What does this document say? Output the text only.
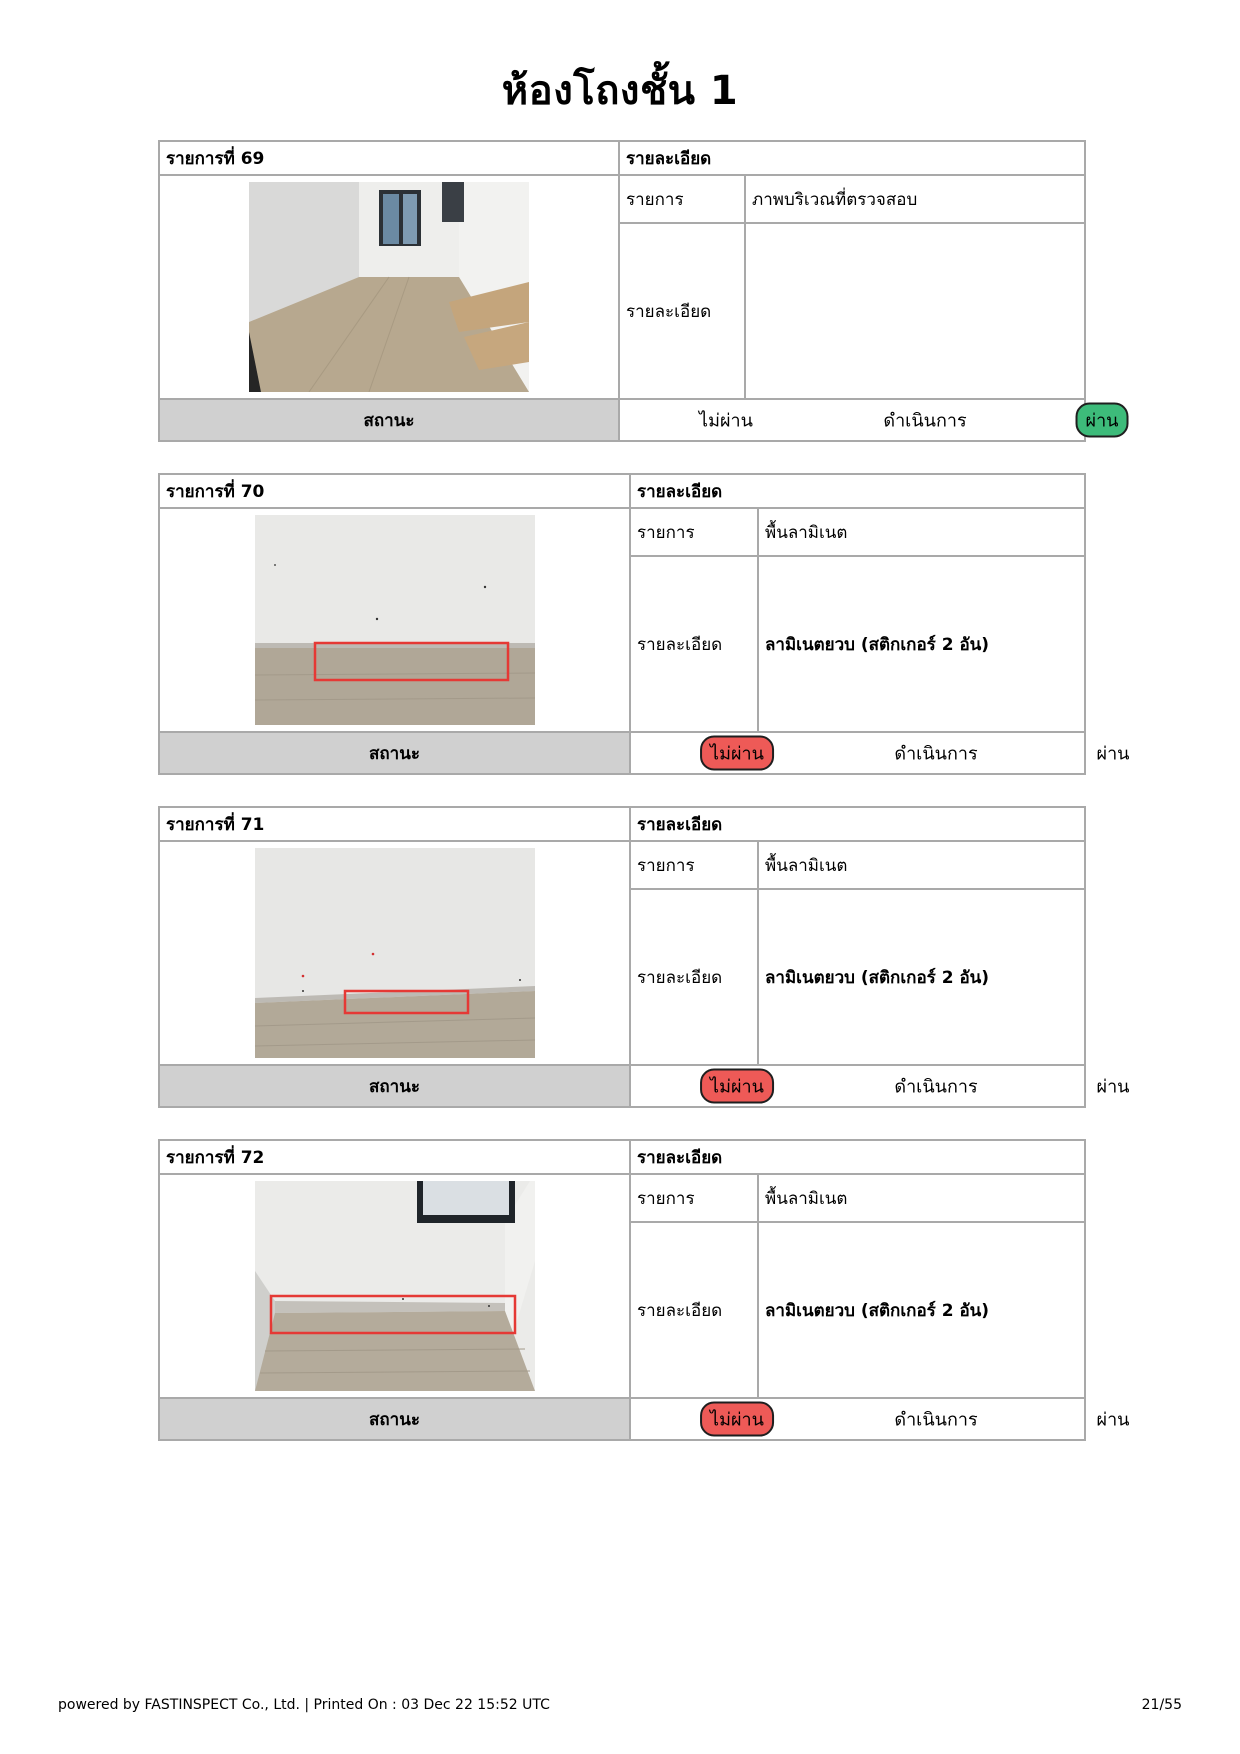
ห้องโถงชั้น 1
รายการที่ 69	รายละเอียด	
	รายการ	ภาพบริเวณที่ตรวจสอบ
	รายละเอียด	
สถานะ	ไม่ผ่าน ดำเนินการ ผ่าน	
รายการที่ 70	รายละเอียด	
	รายการ	พื้นลามิเนต
	รายละเอียด	ลามิเนตยวบ (สติกเกอร์ 2 อัน)
สถานะ	ไม่ผ่าน ดำเนินการ ผ่าน	
รายการที่ 71	รายละเอียด	
	รายการ	พื้นลามิเนต
	รายละเอียด	ลามิเนตยวบ (สติกเกอร์ 2 อัน)
สถานะ	ไม่ผ่าน ดำเนินการ ผ่าน	
รายการที่ 72	รายละเอียด	
	รายการ	พื้นลามิเนต
	รายละเอียด	ลามิเนตยวบ (สติกเกอร์ 2 อัน)
สถานะ	ไม่ผ่าน ดำเนินการ ผ่าน	
powered by FASTINSPECT Co., Ltd. | Printed On : 03 Dec 22 15:52 UTC	21/55
